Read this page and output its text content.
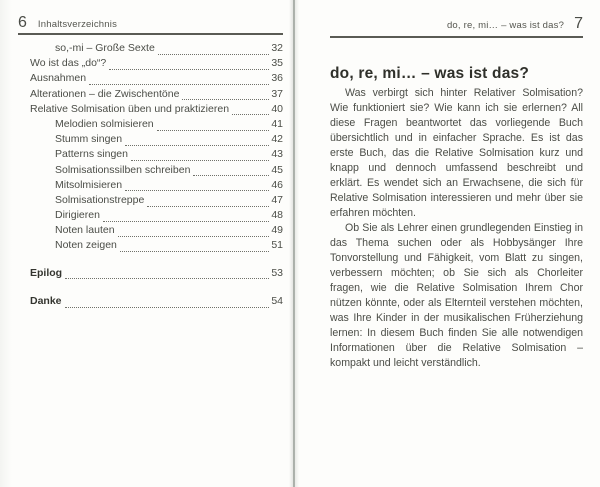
6 Inhaltsverzeichnis
so,-mi – Große Sexte	32
Wo ist das „do“?	35
Ausnahmen	36
Alterationen – die Zwischentöne	37
Relative Solmisation üben und praktizieren	40
Melodien solmisieren	41
Stumm singen	42
Patterns singen	43
Solmisationssilben schreiben	45
Mitsolmisieren	46
Solmisationstreppe	47
Dirigieren	48
Noten lauten	49
Noten zeigen	51
Epilog	53
Danke	54
do, re, mi… – was ist das? 7
do, re, mi… – was ist das?

Was verbirgt sich hinter Relativer Solmisation? Wie funktioniert sie? Wie kann ich sie erlernen? All diese Fragen beantwortet das vorliegende Buch übersichtlich und in einfacher Sprache. Es ist das erste Buch, das die Relative Solmisation kurz und knapp und dennoch umfassend beschreibt und erklärt. Es wendet sich an Erwachsene, die sich für Relative Solmisation interessieren und mehr über sie erfahren möchten.

Ob Sie als Lehrer einen grundlegenden Einstieg in das Thema suchen oder als Hobbysänger Ihre Tonvorstellung und Fähigkeit, vom Blatt zu singen, verbessern möchten; ob Sie sich als Chorleiter fragen, wie die Relative Solmisation Ihrem Chor nützen könnte, oder als Elternteil verstehen möchten, was Ihre Kinder in der musikalischen Früherziehung lernen: In diesem Buch finden Sie alle notwendigen Informationen über die Relative Solmisation – kompakt und leicht verständlich.
